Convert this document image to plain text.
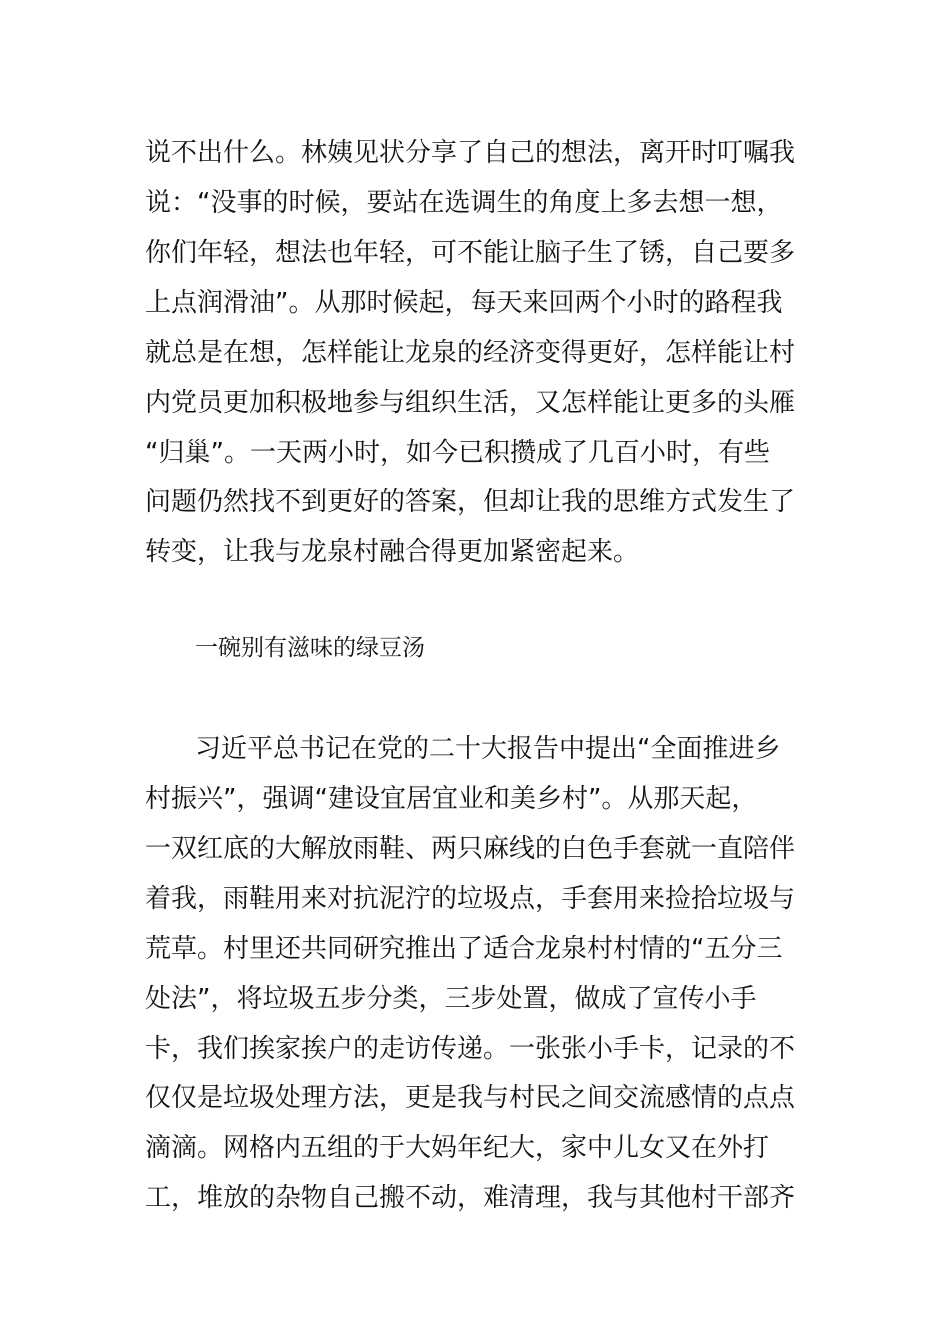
说不出什么。林姨见状分享了自己的想法，离开时叮嘱我
说：“没事的时候，要站在选调生的角度上多去想一想，
你们年轻，想法也年轻，可不能让脑子生了锈，自己要多
上点润滑油”。从那时候起，每天来回两个小时的路程我
就总是在想，怎样能让龙泉的经济变得更好，怎样能让村
内党员更加积极地参与组织生活，又怎样能让更多的头雁
“归巢”。一天两小时，如今已积攒成了几百小时，有些
问题仍然找不到更好的答案，但却让我的思维方式发生了
转变，让我与龙泉村融合得更加紧密起来。
一碗别有滋味的绿豆汤
习近平总书记在党的二十大报告中提出“全面推进乡
村振兴”，强调“建设宜居宜业和美乡村”。从那天起，
一双红底的大解放雨鞋、两只麻线的白色手套就一直陪伴
着我，雨鞋用来对抗泥泞的垃圾点，手套用来捡拾垃圾与
荒草。村里还共同研究推出了适合龙泉村村情的“五分三
处法”，将垃圾五步分类，三步处置，做成了宣传小手
卡，我们挨家挨户的走访传递。一张张小手卡，记录的不
仅仅是垃圾处理方法，更是我与村民之间交流感情的点点
滴滴。网格内五组的于大妈年纪大，家中儿女又在外打
工，堆放的杂物自己搬不动，难清理，我与其他村干部齐
